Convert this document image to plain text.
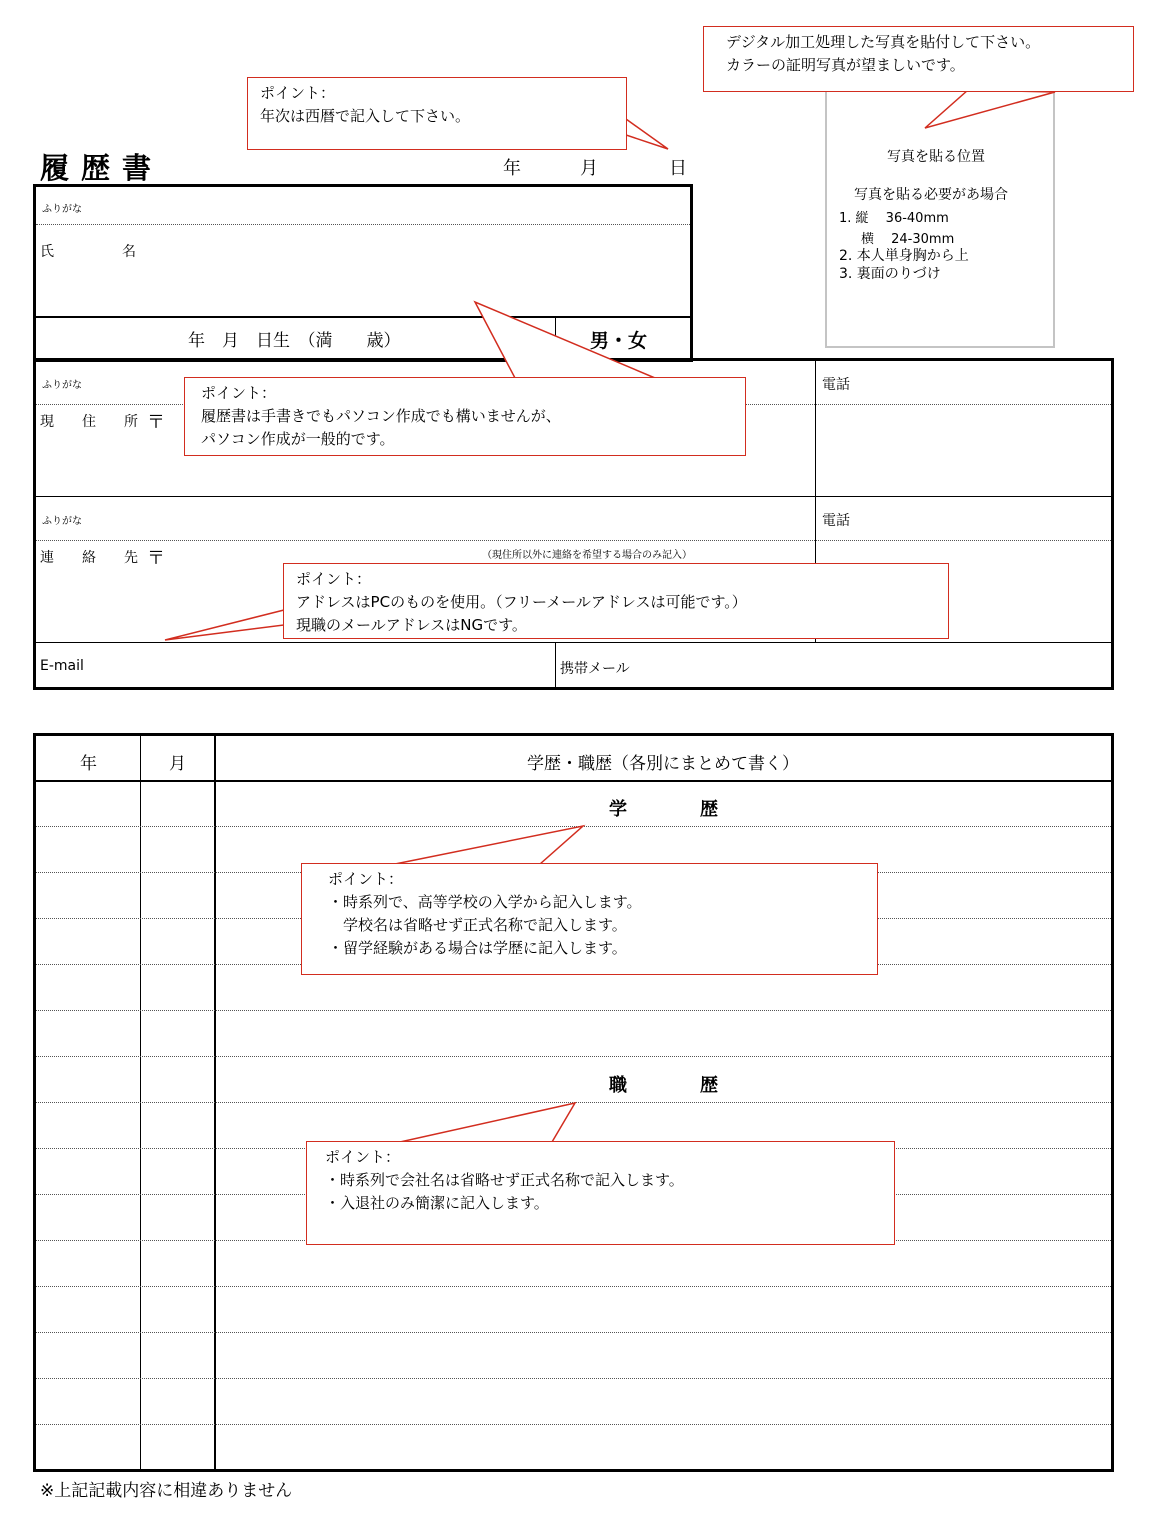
履歴書	年	月	日
写真を貼る位置
写真を貼る必要があ場合
1. 縦　 36-40mm
横　 24-30mm
2. 本人単身胸から上
3. 裏面のりづけ
ふりがな
氏	名
年　月　日生　（満　　歳）	男・女
ふりがな
現 住 所 〒
電話
ふりがな
連 絡 先 〒	（現住所以外に連絡を希望する場合のみ記入）
電話
E-mail	携帯メール
年	月	学歴・職歴（各別にまとめて書く）
学	歴
職	歴
※上記記載内容に相違ありません
デジタル加工処理した写真を貼付して下さい。
カラーの証明写真が望ましいです。
ポイント：
年次は西暦で記入して下さい。
ポイント：
履歴書は手書きでもパソコン作成でも構いませんが、
パソコン作成が一般的です。
ポイント：
アドレスはPCのものを使用。（フリーメールアドレスは可能です。）
現職のメールアドレスはNGです。
ポイント：
・時系列で、高等学校の入学から記入します。
　学校名は省略せず正式名称で記入します。
・留学経験がある場合は学歴に記入します。
ポイント：
・時系列で会社名は省略せず正式名称で記入します。
・入退社のみ簡潔に記入します。
